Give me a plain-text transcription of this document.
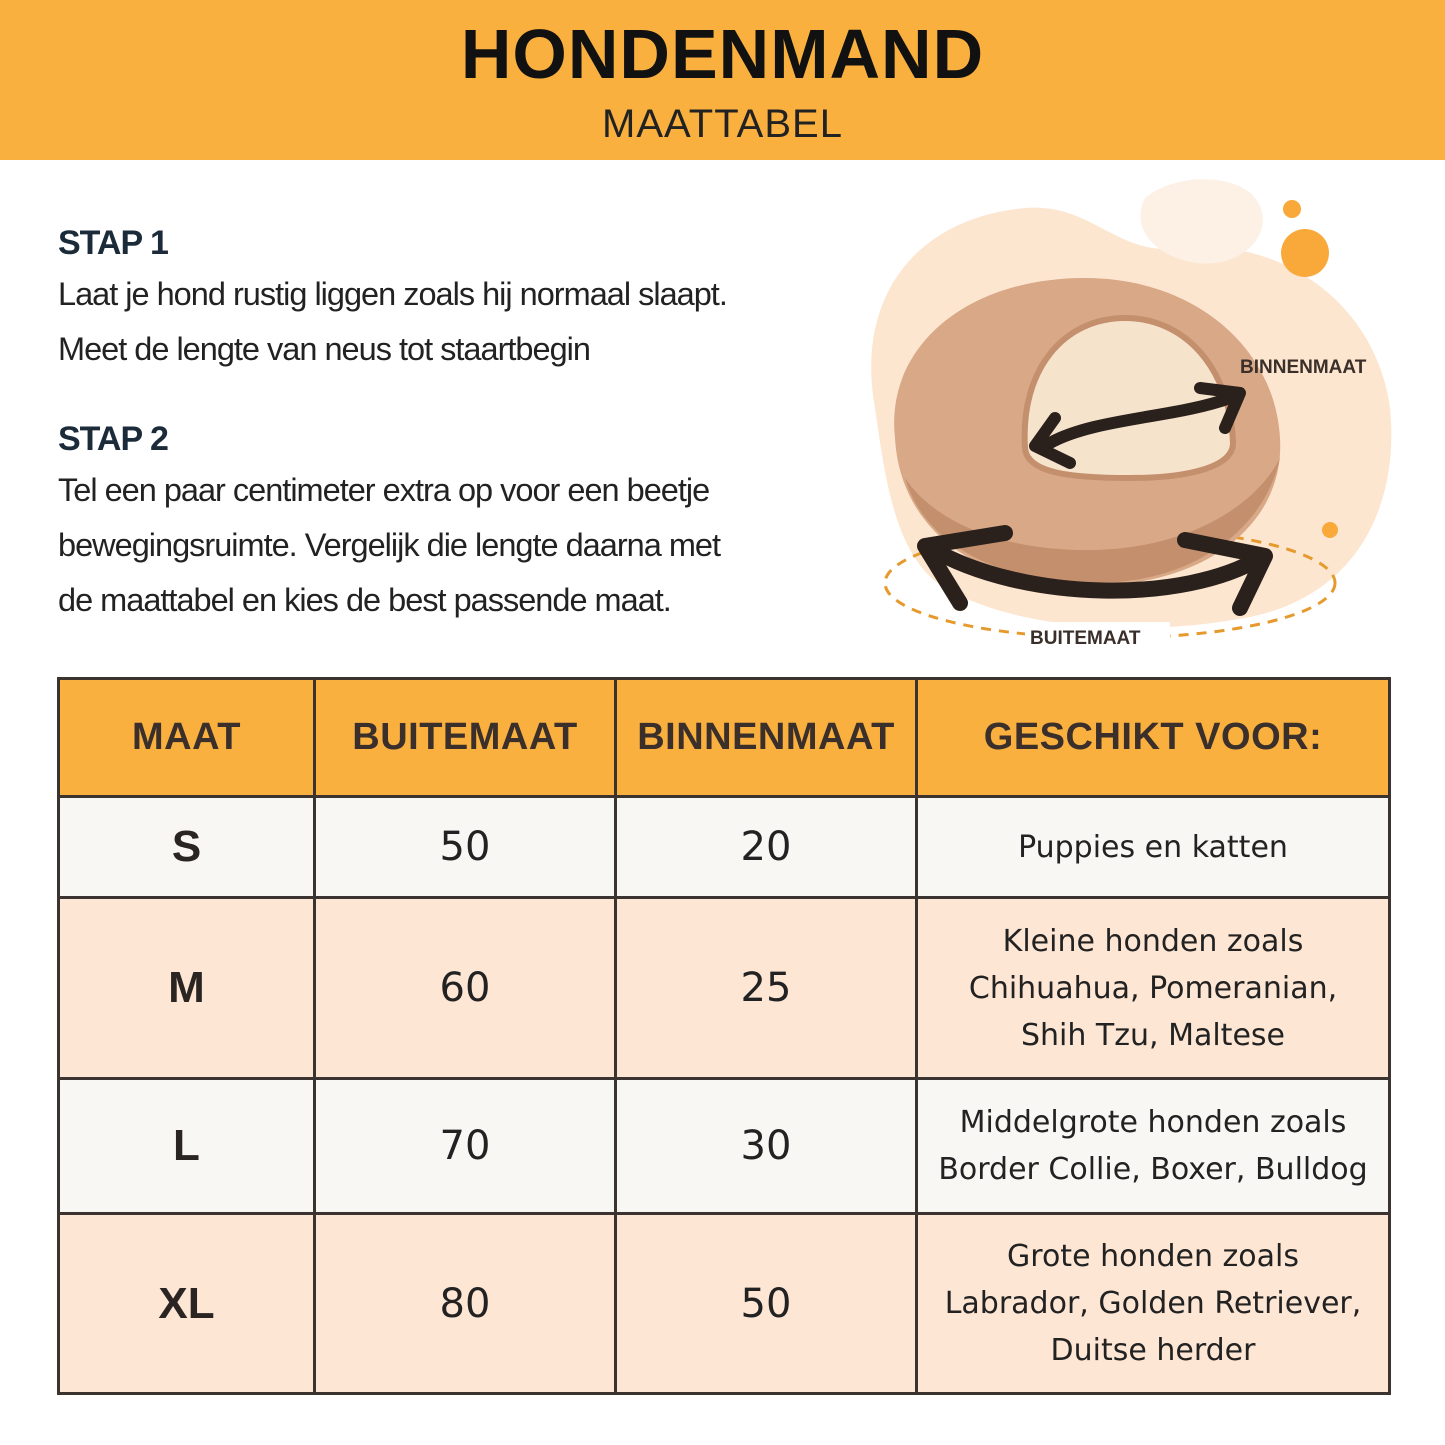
HONDENMAND
MAATTABEL
STAP 1
Laat je hond rustig liggen zoals hij normaal slaapt.
Meet de lengte van neus tot staartbegin
STAP 2
Tel een paar centimeter extra op voor een beetje
bewegingsruimte. Vergelijk die lengte daarna met
de maattabel en kies de best passende maat.
BINNENMAAT
BUITEMAAT
MAAT	BUITEMAAT	BINNENMAAT	GESCHIKT VOOR:
S	50	20	Puppies en katten

M	60	25	Kleine honden zoals
Chihuahua, Pomeranian,
Shih Tzu, Maltese

L	70	30	Middelgrote honden zoals
Border Collie, Boxer, Bulldog

XL	80	50	Grote honden zoals
Labrador, Golden Retriever,
Duitse herder
